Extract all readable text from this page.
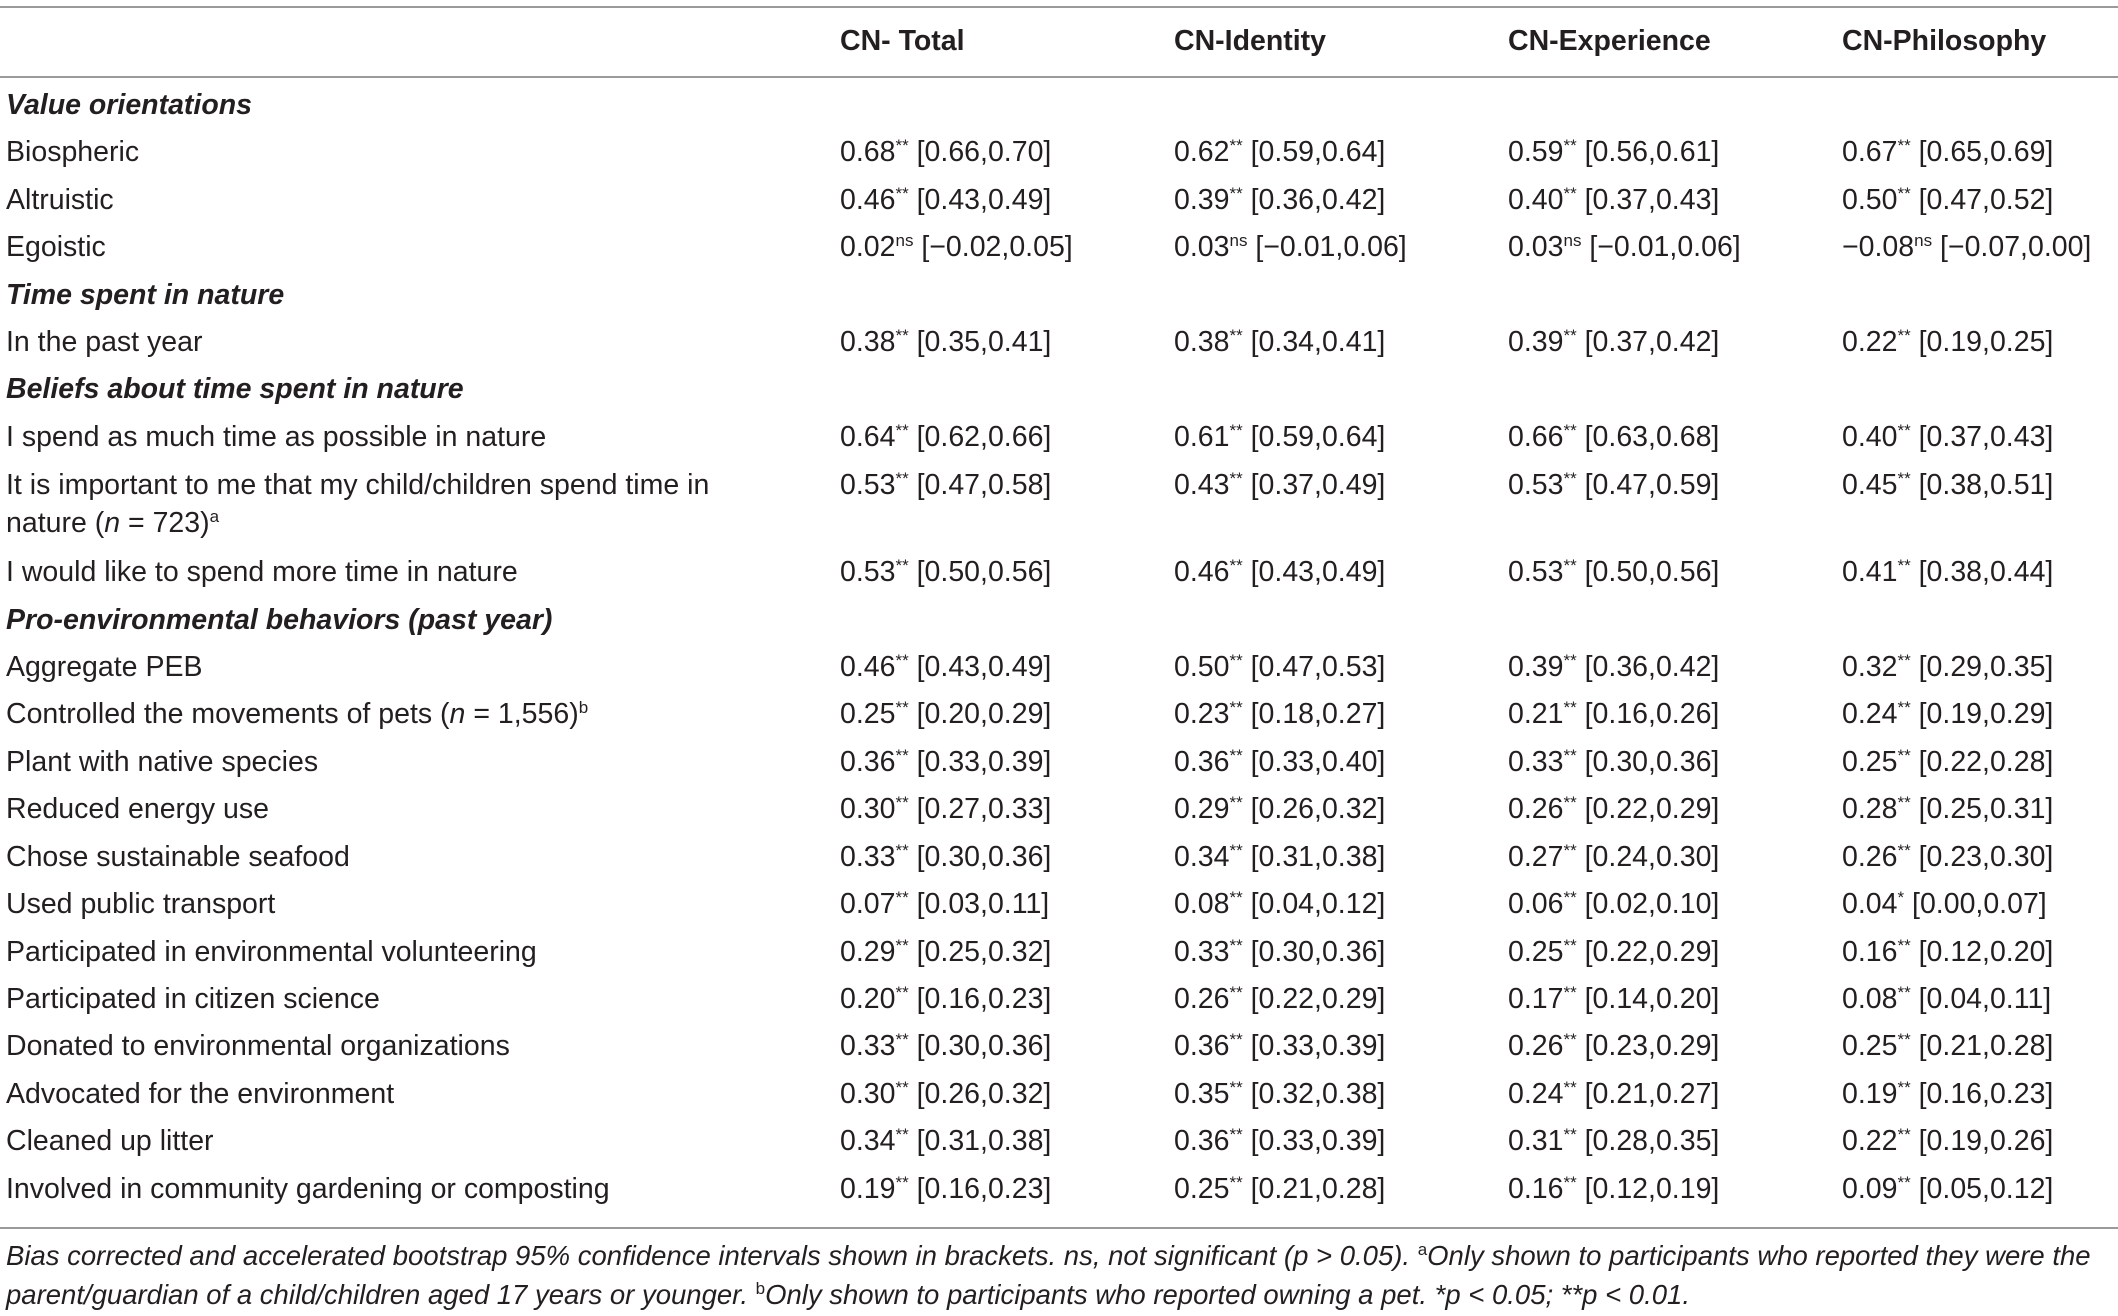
	CN- Total	CN-Identity	CN-Experience	CN-Philosophy
Value orientations				
Biospheric	0.68** [0.66,0.70]	0.62** [0.59,0.64]	0.59** [0.56,0.61]	0.67** [0.65,0.69]
Altruistic	0.46** [0.43,0.49]	0.39** [0.36,0.42]	0.40** [0.37,0.43]	0.50** [0.47,0.52]
Egoistic	$0.02^{ns}$ [−0.02,0.05]	$0.03^{ns}$ [−0.01,0.06]	$0.03^{ns}$ [−0.01,0.06]	$-0.08^{ns}$ [−0.07,0.00]
Time spent in nature				
In the past year	0.38** [0.35,0.41]	0.38** [0.34,0.41]	0.39** [0.37,0.42]	0.22** [0.19,0.25]
Beliefs about time spent in nature				
I spend as much time as possible in nature	0.64** [0.62,0.66]	0.61** [0.59,0.64]	0.66** [0.63,0.68]	0.40** [0.37,0.43]
It is important to me that my child/children spend time in
nature (n = 723)$^a$	0.53** [0.47,0.58]	0.43** [0.37,0.49]	0.53** [0.47,0.59]	0.45** [0.38,0.51]
I would like to spend more time in nature	0.53** [0.50,0.56]	0.46** [0.43,0.49]	0.53** [0.50,0.56]	0.41** [0.38,0.44]
Pro-environmental behaviors (past year)				
Aggregate PEB	0.46** [0.43,0.49]	0.50** [0.47,0.53]	0.39** [0.36,0.42]	0.32** [0.29,0.35]
Controlled the movements of pets (n = 1,556)$^b$	0.25** [0.20,0.29]	0.23** [0.18,0.27]	0.21** [0.16,0.26]	0.24** [0.19,0.29]
Plant with native species	0.36** [0.33,0.39]	0.36** [0.33,0.40]	0.33** [0.30,0.36]	0.25** [0.22,0.28]
Reduced energy use	0.30** [0.27,0.33]	0.29** [0.26,0.32]	0.26** [0.22,0.29]	0.28** [0.25,0.31]
Chose sustainable seafood	0.33** [0.30,0.36]	0.34** [0.31,0.38]	0.27** [0.24,0.30]	0.26** [0.23,0.30]
Used public transport	0.07** [0.03,0.11]	0.08** [0.04,0.12]	0.06** [0.02,0.10]	0.04* [0.00,0.07]
Participated in environmental volunteering	0.29** [0.25,0.32]	0.33** [0.30,0.36]	0.25** [0.22,0.29]	0.16** [0.12,0.20]
Participated in citizen science	0.20** [0.16,0.23]	0.26** [0.22,0.29]	0.17** [0.14,0.20]	0.08** [0.04,0.11]
Donated to environmental organizations	0.33** [0.30,0.36]	0.36** [0.33,0.39]	0.26** [0.23,0.29]	0.25** [0.21,0.28]
Advocated for the environment	0.30** [0.26,0.32]	0.35** [0.32,0.38]	0.24** [0.21,0.27]	0.19** [0.16,0.23]
Cleaned up litter	0.34** [0.31,0.38]	0.36** [0.33,0.39]	0.31** [0.28,0.35]	0.22** [0.19,0.26]
Involved in community gardening or composting	0.19** [0.16,0.23]	0.25** [0.21,0.28]	0.16** [0.12,0.19]	0.09** [0.05,0.12]
Bias corrected and accelerated bootstrap 95% confidence intervals shown in brackets. ns, not significant (p > 0.05). $^a$Only shown to participants who reported they were the parent/guardian of a child/children aged 17 years or younger. $^b$Only shown to participants who reported owning a pet. *p < 0.05; **p < 0.01.
